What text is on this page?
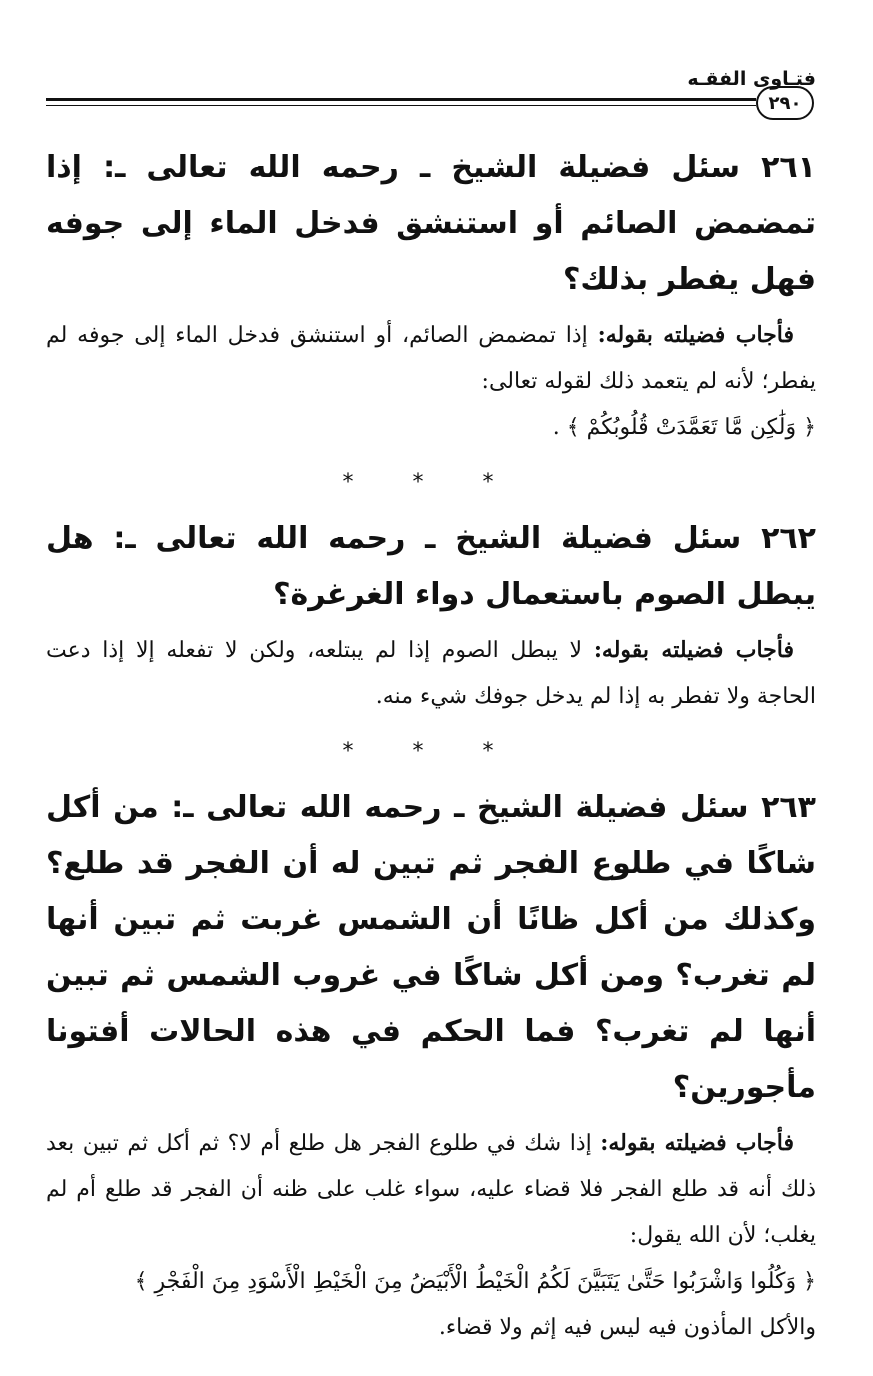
فتـاوى الفقـه
٢٩٠

٢٦١ سئل فضيلة الشيخ ـ رحمه الله تعالى ـ: إذا تمضمض الصائم أو استنشق فدخل الماء إلى جوفه فهل يفطر بذلك؟

فأجاب فضيلته بقوله: إذا تمضمض الصائم، أو استنشق فدخل الماء إلى جوفه لم يفطر؛ لأنه لم يتعمد ذلك لقوله تعالى:
﴿ وَلَٰكِن مَّا تَعَمَّدَتْ قُلُوبُكُمْ ﴾ .

* * *

٢٦٢ سئل فضيلة الشيخ ـ رحمه الله تعالى ـ: هل يبطل الصوم باستعمال دواء الغرغرة؟

فأجاب فضيلته بقوله: لا يبطل الصوم إذا لم يبتلعه، ولكن لا تفعله إلا إذا دعت الحاجة ولا تفطر به إذا لم يدخل جوفك شيء منه.

* * *

٢٦٣ سئل فضيلة الشيخ ـ رحمه الله تعالى ـ: من أكل شاكًا في طلوع الفجر ثم تبين له أن الفجر قد طلع؟ وكذلك من أكل ظانًا أن الشمس غربت ثم تبين أنها لم تغرب؟ ومن أكل شاكًا في غروب الشمس ثم تبين أنها لم تغرب؟ فما الحكم في هذه الحالات أفتونا مأجورين؟

فأجاب فضيلته بقوله: إذا شك في طلوع الفجر هل طلع أم لا؟ ثم أكل ثم تبين بعد ذلك أنه قد طلع الفجر فلا قضاء عليه، سواء غلب على ظنه أن الفجر قد طلع أم لم يغلب؛ لأن الله يقول:
﴿ وَكُلُوا وَاشْرَبُوا حَتَّىٰ يَتَبَيَّنَ لَكُمُ الْخَيْطُ الْأَبْيَضُ مِنَ الْخَيْطِ الْأَسْوَدِ مِنَ الْفَجْرِ ﴾
والأكل المأذون فيه ليس فيه إثم ولا قضاء.
